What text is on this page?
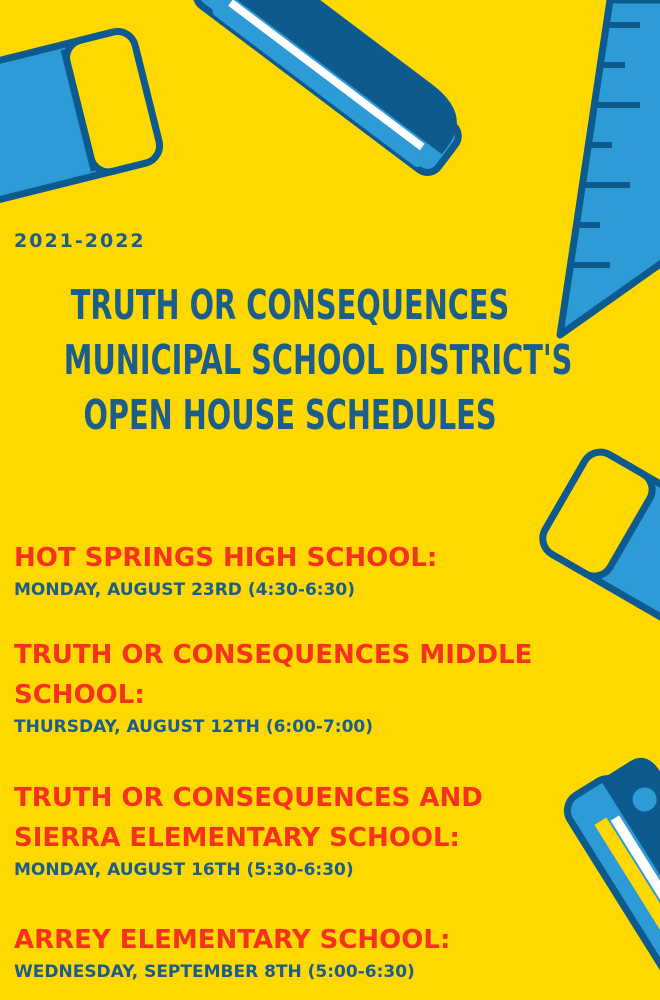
2021-2022
TRUTH OR CONSEQUENCES
MUNICIPAL SCHOOL DISTRICT'S
OPEN HOUSE SCHEDULES
HOT SPRINGS HIGH SCHOOL:
MONDAY, AUGUST 23RD (4:30-6:30)
TRUTH OR CONSEQUENCES MIDDLE SCHOOL:
THURSDAY, AUGUST 12TH (6:00-7:00)
TRUTH OR CONSEQUENCES AND SIERRA ELEMENTARY SCHOOL:
MONDAY, AUGUST 16TH (5:30-6:30)
ARREY ELEMENTARY SCHOOL:
WEDNESDAY, SEPTEMBER 8TH (5:00-6:30)
